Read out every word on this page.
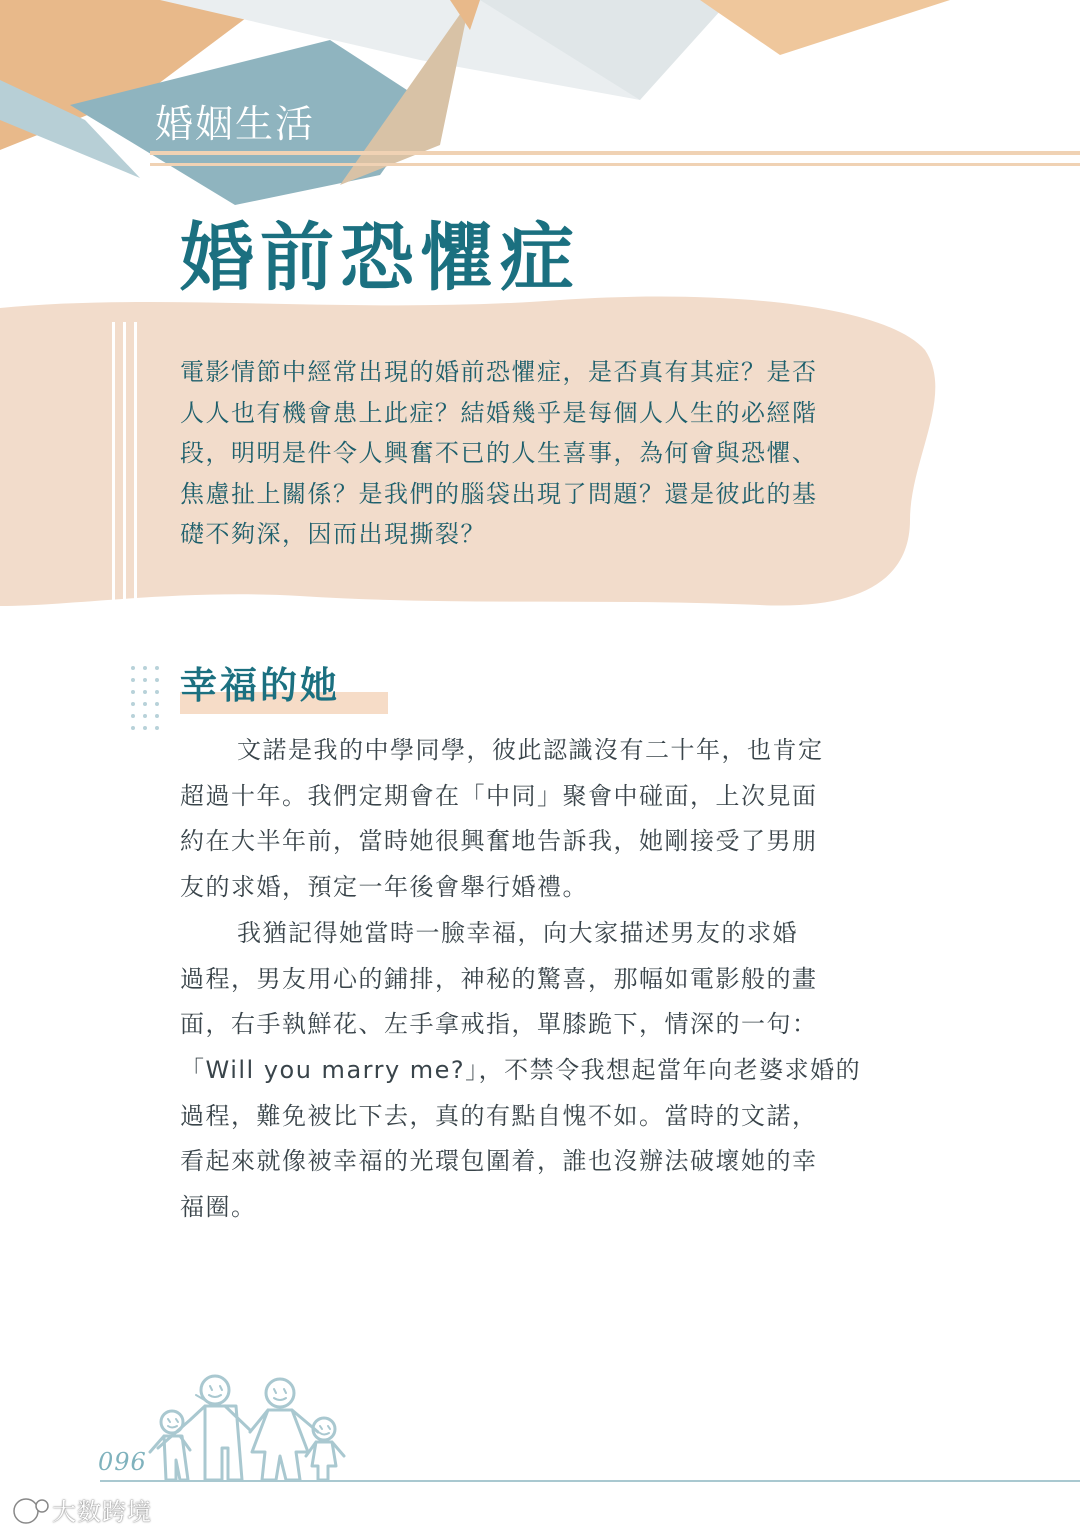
婚姻生活
婚前恐懼症
電影情節中經常出現的婚前恐懼症，是否真有其症？是否
人人也有機會患上此症？結婚幾乎是每個人人生的必經階
段，明明是件令人興奮不已的人生喜事，為何會與恐懼、
焦慮扯上關係？是我們的腦袋出現了問題？還是彼此的基
礎不夠深，因而出現撕裂？
幸福的她
文諾是我的中學同學，彼此認識沒有二十年，也肯定
超過十年。我們定期會在「中同」聚會中碰面，上次見面
約在大半年前，當時她很興奮地告訴我，她剛接受了男朋
友的求婚，預定一年後會舉行婚禮。
我猶記得她當時一臉幸福，向大家描述男友的求婚
過程，男友用心的鋪排，神秘的驚喜，那幅如電影般的畫
面，右手執鮮花、左手拿戒指，單膝跪下，情深的一句：
「Will you marry me?」，不禁令我想起當年向老婆求婚的
過程，難免被比下去，真的有點自愧不如。當時的文諾，
看起來就像被幸福的光環包圍着，誰也沒辦法破壞她的幸
福圈。
096
大数跨境
